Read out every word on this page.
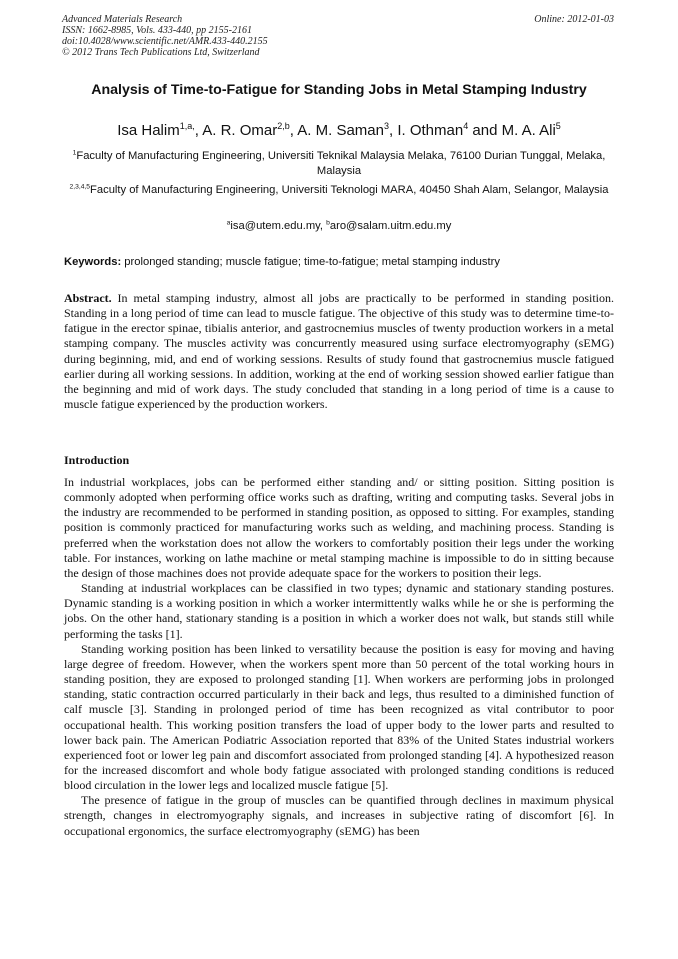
Advanced Materials Research
ISSN: 1662-8985, Vols. 433-440, pp 2155-2161
doi:10.4028/www.scientific.net/AMR.433-440.2155
© 2012 Trans Tech Publications Ltd, Switzerland
Online: 2012-01-03
Analysis of Time-to-Fatigue for Standing Jobs in Metal Stamping Industry
Isa Halim$^{1,a,}$, A. R. Omar$^{2,b}$, A. M. Saman$^3$, I. Othman$^4$ and M. A. Ali$^5$
$^1$Faculty of Manufacturing Engineering, Universiti Teknikal Malaysia Melaka, 76100 Durian Tunggal, Melaka, Malaysia
$^{2,3,4,5}$Faculty of Manufacturing Engineering, Universiti Teknologi MARA, 40450 Shah Alam, Selangor, Malaysia
$^a$isa@utem.edu.my, $^b$aro@salam.uitm.edu.my
Keywords: prolonged standing; muscle fatigue; time-to-fatigue; metal stamping industry
Abstract. In metal stamping industry, almost all jobs are practically to be performed in standing position. Standing in a long period of time can lead to muscle fatigue. The objective of this study was to determine time-to-fatigue in the erector spinae, tibialis anterior, and gastrocnemius muscles of twenty production workers in a metal stamping company. The muscles activity was concurrently measured using surface electromyography (sEMG) during beginning, mid, and end of working sessions. Results of study found that gastrocnemius muscle fatigued earlier during all working sessions. In addition, working at the end of working session showed earlier fatigue than the beginning and mid of work days. The study concluded that standing in a long period of time is a cause to muscle fatigue experienced by the production workers.
Introduction

In industrial workplaces, jobs can be performed either standing and/ or sitting position. Sitting position is commonly adopted when performing office works such as drafting, writing and computing tasks. Several jobs in the industry are recommended to be performed in standing position, as opposed to sitting. For examples, standing position is commonly practiced for manufacturing works such as welding, and machining process. Standing is preferred when the workstation does not allow the workers to comfortably position their legs under the working table. For instances, working on lathe machine or metal stamping machine is impossible to do in sitting because the design of those machines does not provide adequate space for the workers to position their legs.

Standing at industrial workplaces can be classified in two types; dynamic and stationary standing postures. Dynamic standing is a working position in which a worker intermittently walks while he or she is performing the jobs. On the other hand, stationary standing is a position in which a worker does not walk, but stands still while performing the tasks [1].

Standing working position has been linked to versatility because the position is easy for moving and having large degree of freedom. However, when the workers spent more than 50 percent of the total working hours in standing position, they are exposed to prolonged standing [1]. When workers are performing jobs in prolonged standing, static contraction occurred particularly in their back and legs, thus resulted to a diminished function of calf muscle [3]. Standing in prolonged period of time has been recognized as vital contributor to poor occupational health. This working position transfers the load of upper body to the lower parts and resulted to lower back pain. The American Podiatric Association reported that 83% of the United States industrial workers experienced foot or lower leg pain and discomfort associated from prolonged standing [4]. A hypothesized reason for the increased discomfort and whole body fatigue associated with prolonged standing conditions is reduced blood circulation in the lower legs and localized muscle fatigue [5].

The presence of fatigue in the group of muscles can be quantified through declines in maximum physical strength, changes in electromyography signals, and increases in subjective rating of discomfort [6]. In occupational ergonomics, the surface electromyography (sEMG) has been
